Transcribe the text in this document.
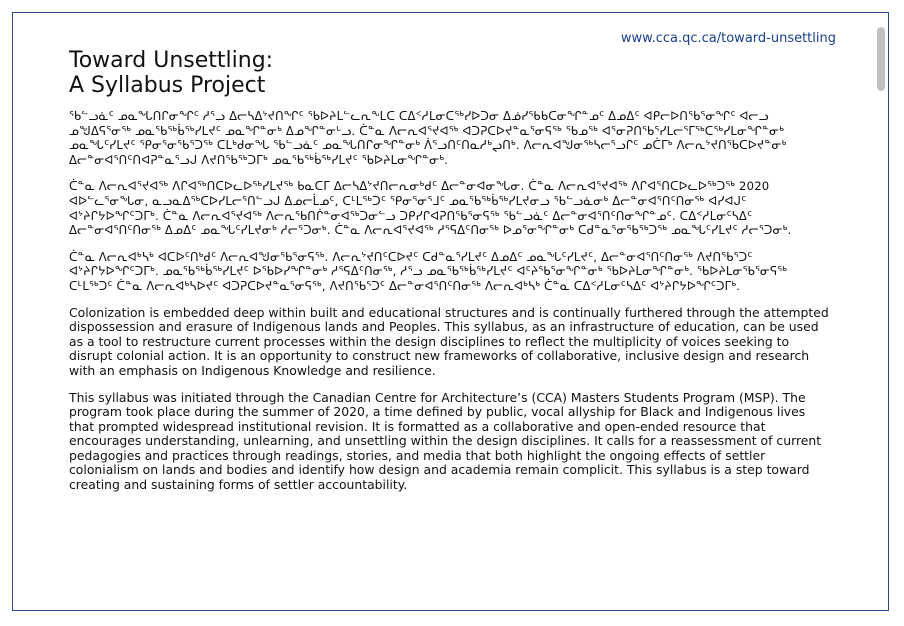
www.cca.qc.ca/toward-unsettling
Toward Unsettling:
A Syllabus Project

ᖃᓪᓗᓈᑦ ᓄᓇᖓᑎᒋᓂᖏᑦ ᓱᕐᓗ ᐃᓕᓴᐃᔾᔪᑎᖏᑦ ᖃᐅᔨᒪᓪᓚᕆᖕᒪᑕ ᑕᐃᑉᓱᒪᓂᑕᖅᓯᐅᑐᓂ ᐃᓅᓯᖃᑲᑕᓂᖏᓐᓄᑦ ᐃᓄᐃᑦ ᐊᑭᓕᐅᑎᖃᕐᓂᖏᑦ ᐊᓕᓗ ᓄᖑᐃᕋᕐᓂᖅ ᓄᓇᖃᖅᑳᖅᓯᒪᔪᑦ ᓄᓇᖏᓐᓂᒃ ᐃᓄᖏᓐᓂᒡᓗ. ᑖᓐᓇ ᐱᓕᕆᐊᕐᔪᐊᖅ ᐊᑐᕈᑕᐅᔪᓐᓇᕐᓂᕋᖅ ᖃᓄᖅ ᐊᕐᓂᕈᑎᖃᕐᓯᒪᓕᕐᒥᖅᑕᖅᓯᒪᓂᖏᓐᓂᒃ ᓄᓇᖓᑦᓯᒪᔪᑦ ᕿᓂᕐᓂᖃᕐᑐᖅ ᑕᒪᒃᑯᓂᖓ ᖃᓪᓗᓈᑦ ᓄᓇᖓᑎᒋᓂᖏᓐᓂᒃ ᐲᕐᓗᑎᑦᑎᓇᓱᒃᖢᑎᒃ. ᐱᓕᕆᐊᖑᓂᖅᓴᓕᕐᓗᒋᑦ ᓄᑖᒥᒃ ᐱᓕᕆᔾᔪᑎᖃᑕᐅᔪᓐᓂᒃ ᐃᓕᓐᓂᐊᕐᑎᑦᑎᐊᕈᓐᓇᕐᓗᒍ ᐱᔪᑎᖃᖅᑐᒥᒃ ᓄᓇᖃᖅᑳᖅᓯᒪᔪᑦ ᖃᐅᔨᒪᓂᖏᓐᓂᒃ.

ᑖᓐᓇ ᐱᓕᕆᐊᕐᔪᐊᖅ ᐱᒋᐊᖅᑎᑕᐅᓚᐅᖅᓯᒪᔪᖅ ᑲᓇᑕᒥ ᐃᓕᓴᐃᔾᔪᑎᓕᕆᓂᒃᑯᑦ ᐃᓕᓐᓂᐊᓂᖓᓂ. ᑖᓐᓇ ᐱᓕᕆᐊᕐᔪᐊᖅ ᐱᒋᐊᕐᑎᑕᐅᓚᐅᖅᑐᖅ 2020 ᐊᐅᓪᓚᕐᓂᖓᓂ, ᓇᓗᓇᐃᖅᑕᐅᓯᒪᓕᕐᑎᓪᓗᒍ ᐃᓄᓕᒫᓄᑦ, ᑕᒻᒪᖅᑐᑦ ᕿᓂᕐᓂᕐᒧᑦ ᓄᓇᖃᖅᑳᖅᓯᒪᔪᓂᓗ ᖃᓪᓗᓈᓂᒃ ᐃᓕᓐᓂᐊᕐᑎᑦᑎᓂᖅ ᐊᓯᐊᒍᑦ ᐊᔾᔨᒋᔭᐅᖏᑦᑐᒥᒃ. ᑖᓐᓇ ᐱᓕᕆᐊᕐᔪᐊᖅ ᐱᓕᕆᖃᑎᒌᓐᓂᐊᖅᑐᓂᓪᓗ ᑐᑭᓯᒋᐊᕈᑎᖃᕐᓂᕋᖅ ᖃᓪᓗᓈᑦ ᐃᓕᓐᓂᐊᕐᑎᑦᑎᓂᖏᓐᓄᑦ. ᑕᐃᑉᓱᒪᓂᑦᓴᐃᑦ ᐃᓕᓐᓂᐊᕐᑎᑦᑎᓂᖅ ᐃᓄᐃᑦ ᓄᓇᖓᑦᓯᒪᔪᓂᒃ ᓱᓕᕐᑐᓂᒃ. ᑖᓐᓇ ᐱᓕᕆᐊᕐᔪᐊᖅ ᓱᕐᕋᐃᑦᑎᓂᖅ ᐅᓄᕐᓂᖏᓐᓂᒃ ᑕᑯᓐᓇᕐᓂᖃᖅᑐᖅ ᓄᓇᖓᑦᓯᒪᔪᑦ ᓱᓕᕐᑐᓂᒃ.

ᑖᓐᓇ ᐱᓕᕆᐊᒃᓴᒃ ᐊᑕᐅᑦᑎᒃᑯᑦ ᐱᓕᕆᐊᖑᓂᖃᕐᓂᕋᖅ. ᐱᓕᕆᔾᔪᑎᑦᑕᐅᔪᑦ ᑕᑯᓐᓇᕐᓯᒪᔪᑦ ᐃᓄᐃᑦ ᓄᓇᖓᑦᓯᒪᔪᑦ, ᐃᓕᓐᓂᐊᕐᑎᑦᑎᓂᖅ ᐱᔪᑎᖃᕐᑐᑦ ᐊᔾᔨᒋᔭᐅᖏᑦᑐᒥᒃ. ᓄᓇᖃᖅᑳᖅᓯᒪᔪᑦ ᐅᖃᐅᓯᖏᓐᓂᒃ ᓱᕐᕋᐃᑦᑎᓂᖅ, ᓱᕐᓗ ᓄᓇᖃᖅᑳᖅᓯᒪᔪᑦ ᐊᑦᔨᖃᕐᓂᖏᓐᓂᒃ ᖃᐅᔨᒪᓂᖏᓐᓂᒃ. ᖃᐅᔨᒪᓂᖃᕐᓂᕋᖅ ᑕᒻᒪᖅᑐᑦ ᑖᓐᓇ ᐱᓕᕆᐊᒃᓴᐅᔪᑦ ᐊᑐᕈᑕᐅᔪᓐᓇᕐᓂᕋᖅ, ᐱᔪᑎᖃᕐᑐᑦ ᐃᓕᓐᓂᐊᕐᑎᑦᑎᓂᖅ ᐱᓕᕆᐊᒃᓴᒃ ᑖᓐᓇ ᑕᐃᑉᓱᒪᓂᑦᓴᐃᑦ ᐊᔾᔨᒋᔭᐅᖏᑦᑐᒥᒃ.

Colonization is embedded deep within built and educational structures and is continually furthered through the attempted dispossession and erasure of Indigenous lands and Peoples. This syllabus, as an infrastructure of education, can be used as a tool to restructure current processes within the design disciplines to reflect the multiplicity of voices seeking to disrupt colonial action. It is an opportunity to construct new frameworks of collaborative, inclusive design and research with an emphasis on Indigenous Knowledge and resilience.

This syllabus was initiated through the Canadian Centre for Architecture’s (CCA) Masters Students Program (MSP). The program took place during the summer of 2020, a time defined by public, vocal allyship for Black and Indigenous lives that prompted widespread institutional revision. It is formatted as a collaborative and open-ended resource that encourages understanding, unlearning, and unsettling within the design disciplines. It calls for a reassessment of current pedagogies and practices through readings, stories, and media that both highlight the ongoing effects of settler colonialism on lands and bodies and identify how design and academia remain complicit. This syllabus is a step toward creating and sustaining forms of settler accountability.
